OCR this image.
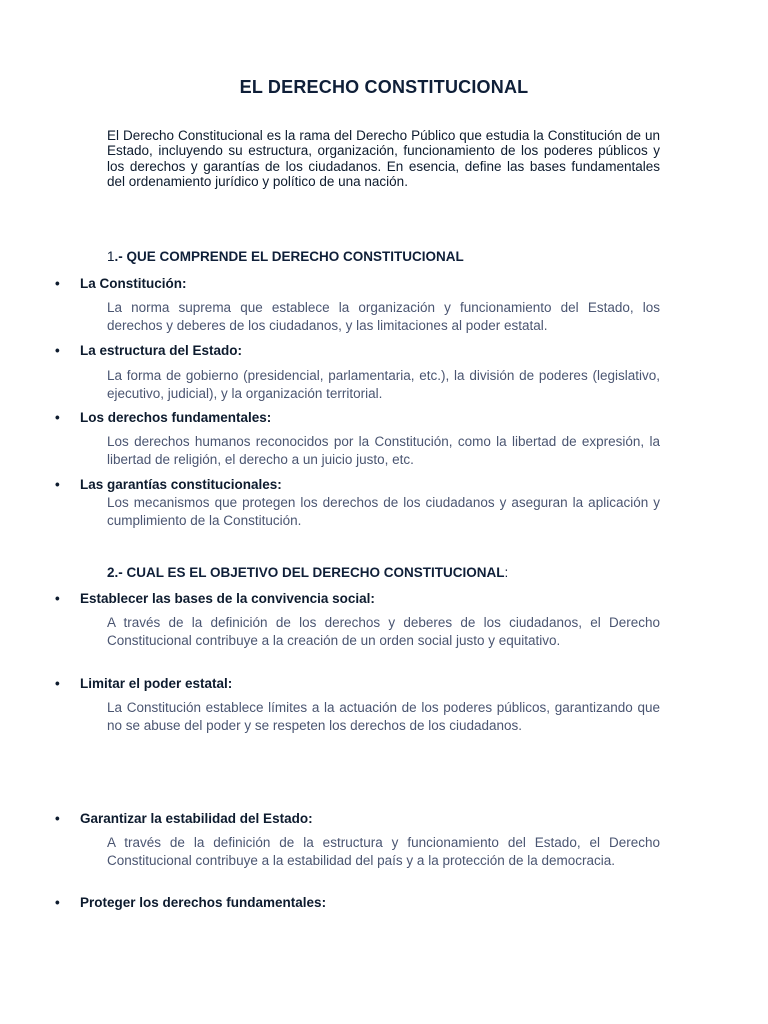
EL DERECHO CONSTITUCIONAL
El Derecho Constitucional es la rama del Derecho Público que estudia la Constitución de un Estado, incluyendo su estructura, organización, funcionamiento de los poderes públicos y los derechos y garantías de los ciudadanos. En esencia, define las bases fundamentales del ordenamiento jurídico y político de una nación.
1.- QUE COMPRENDE EL DERECHO CONSTITUCIONAL
• La Constitución:
La norma suprema que establece la organización y funcionamiento del Estado, los derechos y deberes de los ciudadanos, y las limitaciones al poder estatal.
• La estructura del Estado:
La forma de gobierno (presidencial, parlamentaria, etc.), la división de poderes (legislativo, ejecutivo, judicial), y la organización territorial.
• Los derechos fundamentales:
Los derechos humanos reconocidos por la Constitución, como la libertad de expresión, la libertad de religión, el derecho a un juicio justo, etc.
• Las garantías constitucionales:
Los mecanismos que protegen los derechos de los ciudadanos y aseguran la aplicación y cumplimiento de la Constitución.
2.- CUAL ES EL OBJETIVO DEL DERECHO CONSTITUCIONAL:
• Establecer las bases de la convivencia social:
A través de la definición de los derechos y deberes de los ciudadanos, el Derecho Constitucional contribuye a la creación de un orden social justo y equitativo.
• Limitar el poder estatal:
La Constitución establece límites a la actuación de los poderes públicos, garantizando que no se abuse del poder y se respeten los derechos de los ciudadanos.
• Garantizar la estabilidad del Estado:
A través de la definición de la estructura y funcionamiento del Estado, el Derecho Constitucional contribuye a la estabilidad del país y a la protección de la democracia.
• Proteger los derechos fundamentales:
